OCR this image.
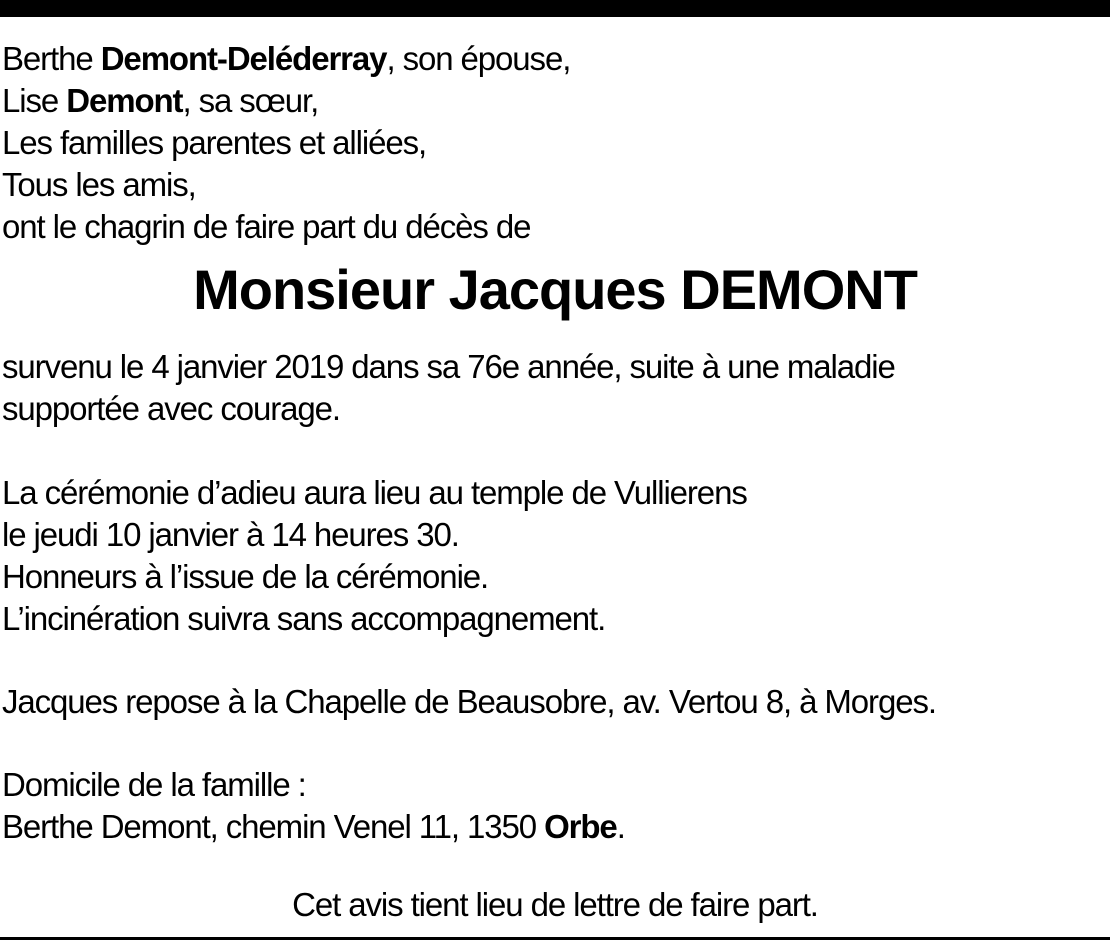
Berthe Demont-Deléderray, son épouse,
Lise Demont, sa sœur,
Les familles parentes et alliées,
Tous les amis,
ont le chagrin de faire part du décès de
Monsieur Jacques DEMONT
survenu le 4 janvier 2019 dans sa 76e année, suite à une maladie
supportée avec courage.
La cérémonie d’adieu aura lieu au temple de Vullierens
le jeudi 10 janvier à 14 heures 30.
Honneurs à l’issue de la cérémonie.
L’incinération suivra sans accompagnement.
Jacques repose à la Chapelle de Beausobre, av. Vertou 8, à Morges.
Domicile de la famille :
Berthe Demont, chemin Venel 11, 1350 Orbe.
Cet avis tient lieu de lettre de faire part.
